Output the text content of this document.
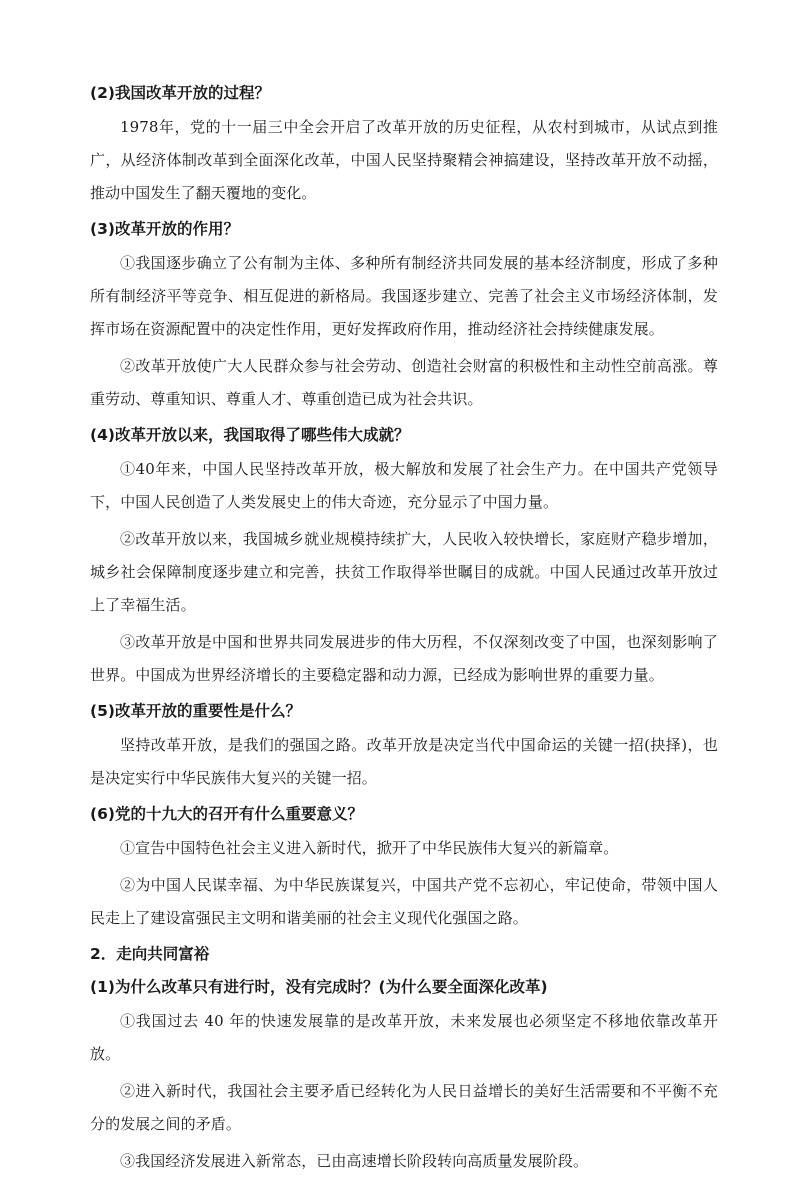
(2)我国改革开放的过程？
1978年，党的十一届三中全会开启了改革开放的历史征程，从农村到城市，从试点到推广，从经济体制改革到全面深化改革，中国人民坚持聚精会神搞建设，坚持改革开放不动摇，推动中国发生了翻天覆地的变化。
(3)改革开放的作用？
①我国逐步确立了公有制为主体、多种所有制经济共同发展的基本经济制度，形成了多种所有制经济平等竞争、相互促进的新格局。我国逐步建立、完善了社会主义市场经济体制，发挥市场在资源配置中的决定性作用，更好发挥政府作用，推动经济社会持续健康发展。
②改革开放使广大人民群众参与社会劳动、创造社会财富的积极性和主动性空前高涨。尊重劳动、尊重知识、尊重人才、尊重创造已成为社会共识。
(4)改革开放以来，我国取得了哪些伟大成就？
①40年来，中国人民坚持改革开放，极大解放和发展了社会生产力。在中国共产党领导下，中国人民创造了人类发展史上的伟大奇迹，充分显示了中国力量。
②改革开放以来，我国城乡就业规模持续扩大，人民收入较快增长，家庭财产稳步增加，城乡社会保障制度逐步建立和完善，扶贫工作取得举世瞩目的成就。中国人民通过改革开放过上了幸福生活。
③改革开放是中国和世界共同发展进步的伟大历程，不仅深刻改变了中国，也深刻影响了世界。中国成为世界经济增长的主要稳定器和动力源，已经成为影响世界的重要力量。
(5)改革开放的重要性是什么？
坚持改革开放，是我们的强国之路。改革开放是决定当代中国命运的关键一招(抉择)，也是决定实行中华民族伟大复兴的关键一招。
(6)党的十九大的召开有什么重要意义？
①宣告中国特色社会主义进入新时代，掀开了中华民族伟大复兴的新篇章。
②为中国人民谋幸福、为中华民族谋复兴，中国共产党不忘初心，牢记使命，带领中国人民走上了建设富强民主文明和谐美丽的社会主义现代化强国之路。
2．走向共同富裕
(1)为什么改革只有进行时，没有完成时？(为什么要全面深化改革)
①我国过去 40 年的快速发展靠的是改革开放，未来发展也必须坚定不移地依靠改革开放。
②进入新时代，我国社会主要矛盾已经转化为人民日益增长的美好生活需要和不平衡不充分的发展之间的矛盾。
③我国经济发展进入新常态，已由高速增长阶段转向高质量发展阶段。
